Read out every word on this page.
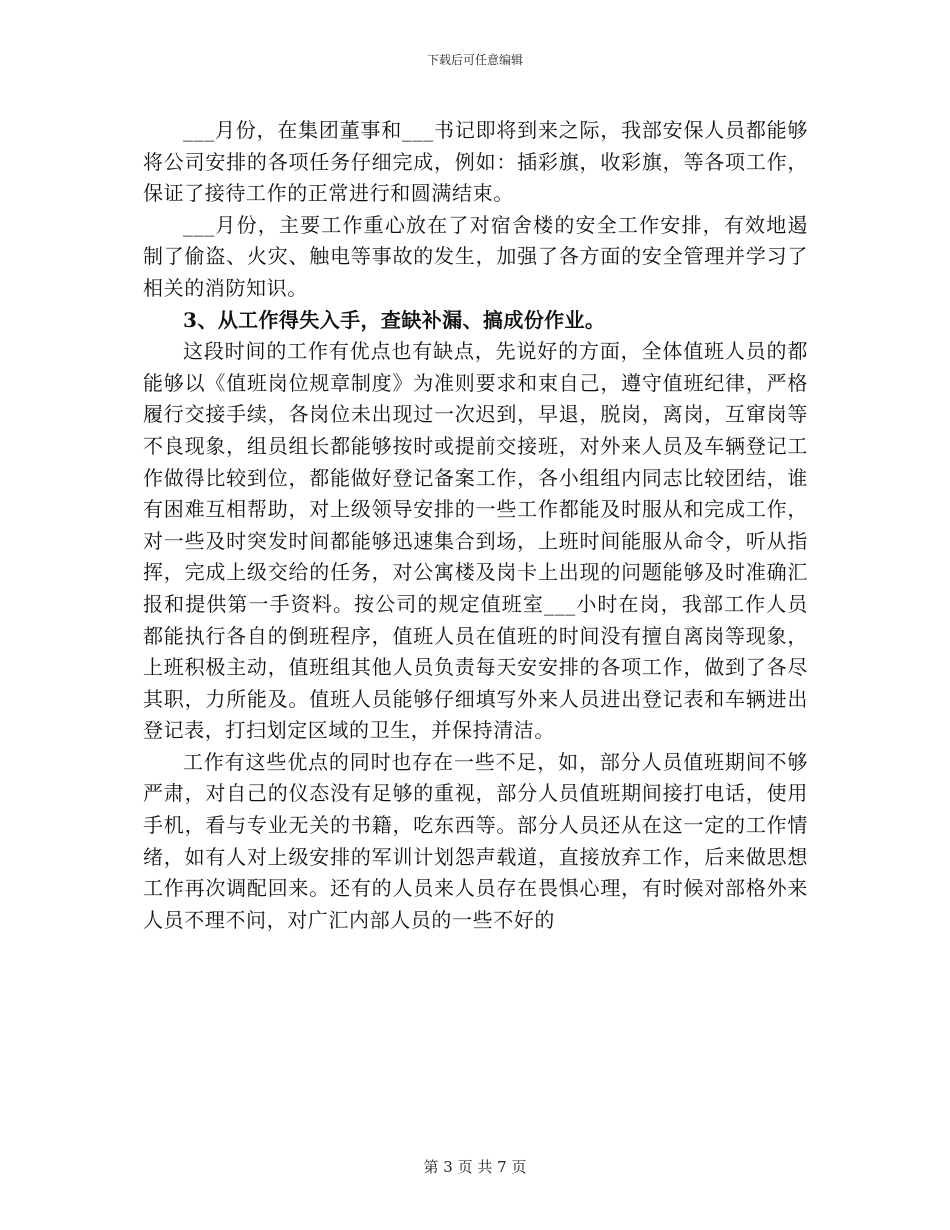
下载后可任意编辑

___月份，在集团董事和___书记即将到来之际，我部安保人员都能够将公司安排的各项任务仔细完成，例如：插彩旗，收彩旗，等各项工作，保证了接待工作的正常进行和圆满结束。

___月份，主要工作重心放在了对宿舍楼的安全工作安排，有效地遏制了偷盗、火灾、触电等事故的发生，加强了各方面的安全管理并学习了相关的消防知识。

3、从工作得失入手，查缺补漏、搞成份作业。

这段时间的工作有优点也有缺点，先说好的方面，全体值班人员的都能够以《值班岗位规章制度》为准则要求和束自己，遵守值班纪律，严格履行交接手续，各岗位未出现过一次迟到，早退，脱岗，离岗，互窜岗等不良现象，组员组长都能够按时或提前交接班，对外来人员及车辆登记工作做得比较到位，都能做好登记备案工作，各小组组内同志比较团结，谁有困难互相帮助，对上级领导安排的一些工作都能及时服从和完成工作，对一些及时突发时间都能够迅速集合到场，上班时间能服从命令，听从指挥，完成上级交给的任务，对公寓楼及岗卡上出现的问题能够及时准确汇报和提供第一手资料。按公司的规定值班室___小时在岗，我部工作人员都能执行各自的倒班程序，值班人员在值班的时间没有擅自离岗等现象，上班积极主动，值班组其他人员负责每天安安排的各项工作，做到了各尽其职，力所能及。值班人员能够仔细填写外来人员进出登记表和车辆进出登记表，打扫划定区域的卫生，并保持清洁。

工作有这些优点的同时也存在一些不足，如，部分人员值班期间不够严肃，对自己的仪态没有足够的重视，部分人员值班期间接打电话，使用手机，看与专业无关的书籍，吃东西等。部分人员还从在这一定的工作情绪，如有人对上级安排的军训计划怨声载道，直接放弃工作，后来做思想工作再次调配回来。还有的人员来人员存在畏惧心理，有时候对部格外来人员不理不问，对广汇内部人员的一些不好的

第 3 页 共 7 页
